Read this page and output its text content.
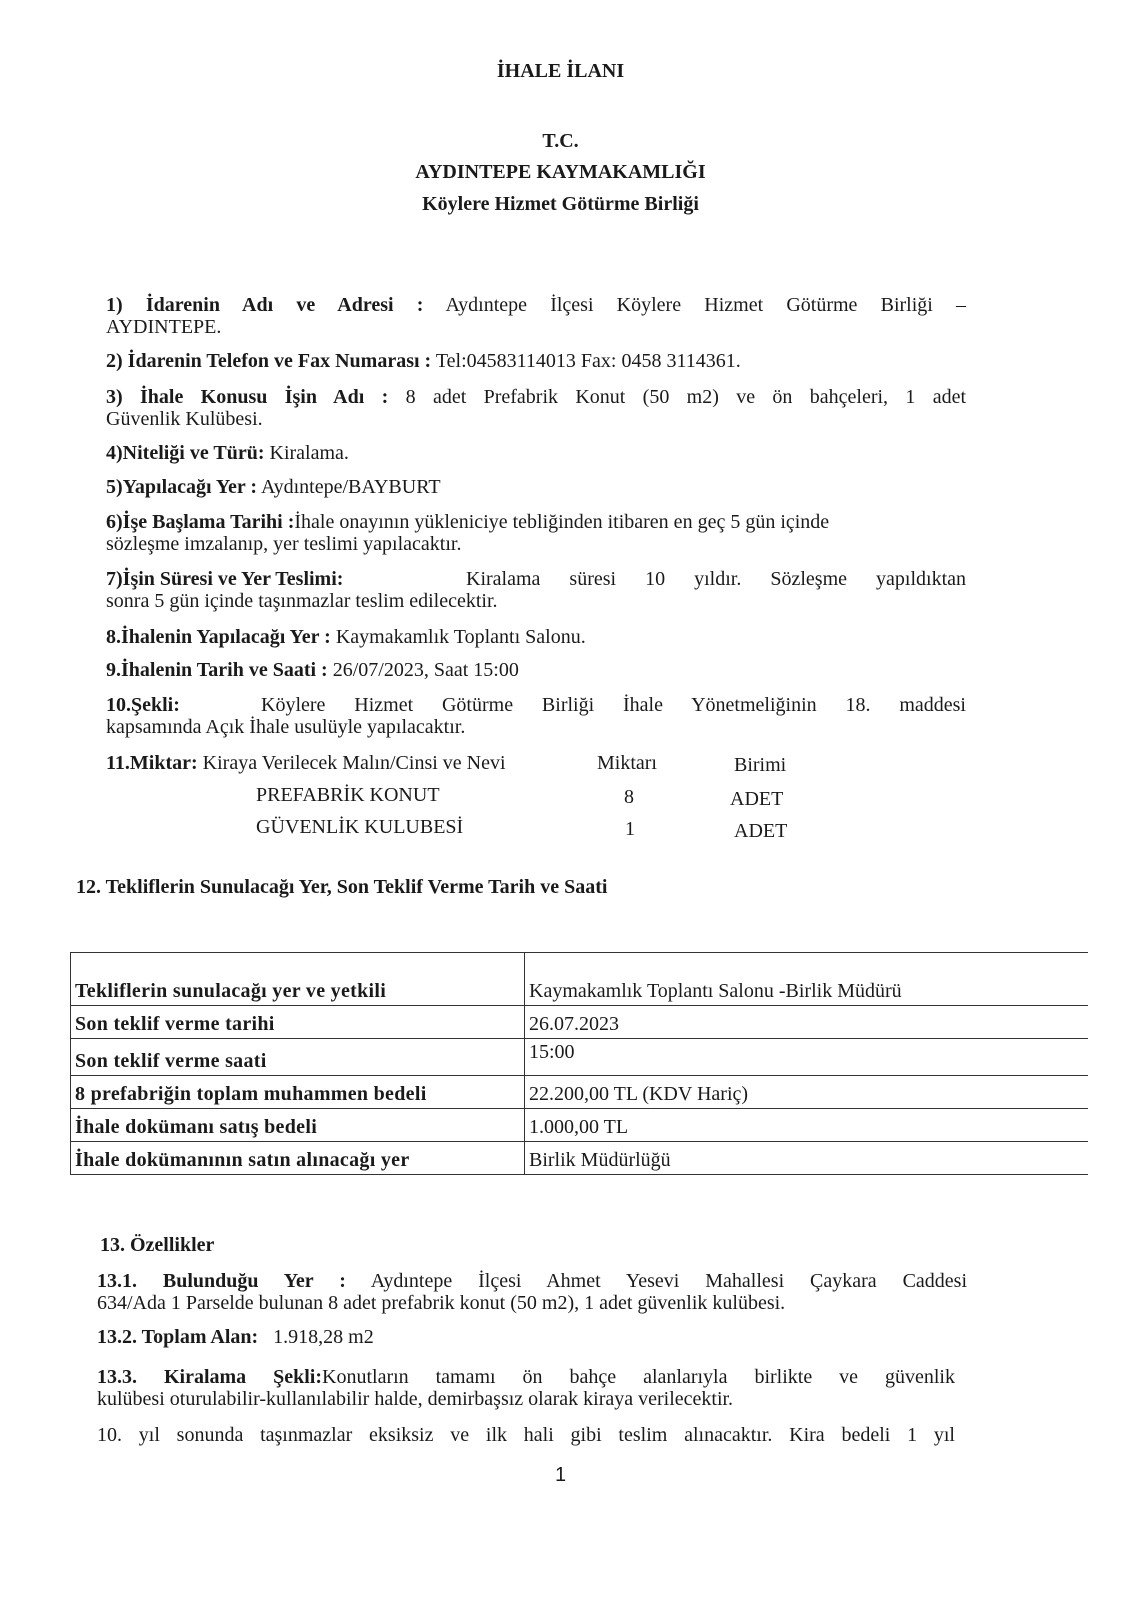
İHALE İLANI
T.C.
AYDINTEPE KAYMAKAMLIĞI
Köylere Hizmet Götürme Birliği
1) İdarenin Adı ve Adresi : Aydıntepe İlçesi Köylere Hizmet Götürme Birliği –
AYDINTEPE.
2) İdarenin Telefon ve Fax Numarası : Tel:04583114013 Fax: 0458 3114361.
3) İhale Konusu İşin Adı : 8 adet Prefabrik Konut (50 m2) ve ön bahçeleri, 1 adet
Güvenlik Kulübesi.
4)Niteliği ve Türü: Kiralama.
5)Yapılacağı Yer : Aydıntepe/BAYBURT
6)İşe Başlama Tarihi :İhale onayının yükleniciye tebliğinden itibaren en geç 5 gün içinde
sözleşme imzalanıp, yer teslimi yapılacaktır.
7)İşin Süresi ve Yer Teslimi:	Kiralama süresi 10 yıldır. Sözleşme yapıldıktan
sonra 5 gün içinde taşınmazlar teslim edilecektir.
8.İhalenin Yapılacağı Yer : Kaymakamlık Toplantı Salonu.
9.İhalenin Tarih ve Saati : 26/07/2023, Saat 15:00
10.Şekli:	Köylere Hizmet Götürme Birliği İhale Yönetmeliğinin 18. maddesi
kapsamında Açık İhale usulüyle yapılacaktır.
11.Miktar: Kiraya Verilecek Malın/Cinsi ve Nevi	Miktarı	Birimi
PREFABRİK KONUT	8	ADET
GÜVENLİK KULUBESİ	1	ADET
12. Tekliflerin Sunulacağı Yer, Son Teklif Verme Tarih ve Saati
Tekliflerin sunulacağı yer ve yetkili	Kaymakamlık Toplantı Salonu -Birlik Müdürü
Son teklif verme tarihi	26.07.2023
Son teklif verme saati	15:00
8 prefabriğin toplam muhammen bedeli	22.200,00 TL (KDV Hariç)
İhale dokümanı satış bedeli	1.000,00 TL
İhale dokümanının satın alınacağı yer	Birlik Müdürlüğü
13. Özellikler
13.1. Bulunduğu Yer : Aydıntepe İlçesi Ahmet Yesevi Mahallesi Çaykara Caddesi
634/Ada 1 Parselde bulunan 8 adet prefabrik konut (50 m2), 1 adet güvenlik kulübesi.
13.2. Toplam Alan: 1.918,28 m2
13.3. Kiralama Şekli:Konutların tamamı ön bahçe alanlarıyla birlikte ve güvenlik
kulübesi oturulabilir-kullanılabilir halde, demirbaşsız olarak kiraya verilecektir.
10. yıl sonunda taşınmazlar eksiksiz ve ilk hali gibi teslim alınacaktır. Kira bedeli 1 yıl
1
